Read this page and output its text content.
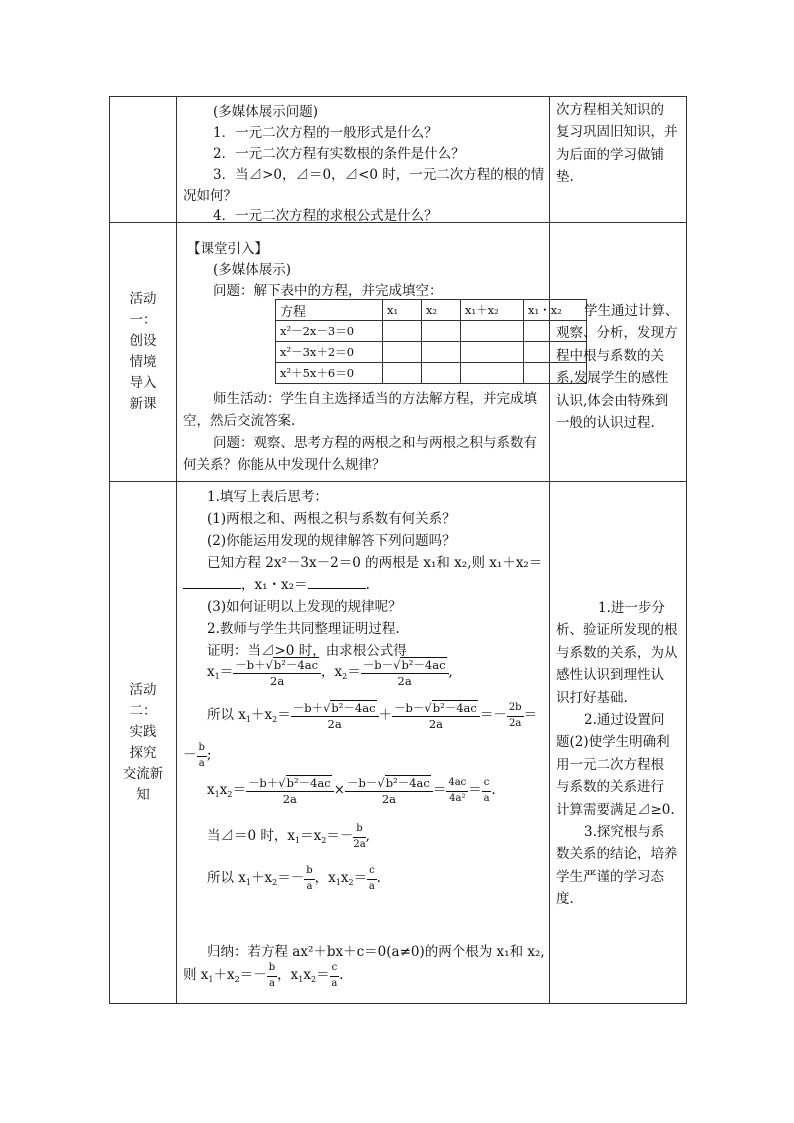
(多媒体展示问题)
1．一元二次方程的一般形式是什么？
2．一元二次方程有实数根的条件是什么？
3．当⊿>0，⊿＝0，⊿<0 时，一元二次方程的根的情
况如何？
4．一元二次方程的求根公式是什么？

次方程相关知识的
复习巩固旧知识，并
为后面的学习做铺
垫.

活动
一：
创设
情境
导入
新课

【课堂引入】
(多媒体展示)
问题：解下表中的方程，并完成填空：
方程	x₁	x₂	x₁＋x₂	x₁・x₂
x²－2x－3＝0				
x²－3x＋2＝0				
x²＋5x＋6＝0				
师生活动：学生自主选择适当的方法解方程，并完成填
空，然后交流答案.
问题：观察、思考方程的两根之和与两根之积与系数有
何关系？你能从中发现什么规律？

学生通过计算、
观察、分析，发现方
程中根与系数的关
系,发展学生的感性
认识,体会由特殊到
一般的认识过程.

活动
二：
实践
探究
交流新
知

1.填写上表后思考：
(1)两根之和、两根之积与系数有何关系？
(2)你能运用发现的规律解答下列问题吗？
已知方程 2x²－3x－2＝0 的两根是 x₁和 x₂,则 x₁＋x₂＝
，x₁・x₂＝	.
(3)如何证明以上发现的规律呢？
2.教师与学生共同整理证明过程.
证明：当⊿>0 时，由求根公式得
$x_1= \frac{\text{－b＋√b²－4ac}}{2a}$ ，$x_2= \frac{\text{－b－√b²－4ac}}{2a}$ ,
所以 $x_1+x_2= \frac{\text{－b＋√b²－4ac}}{2a} + \frac{\text{－b－√b²－4ac}}{2a} =- \frac{2b}{2a}$ ＝
－ $\frac{b}{a}$ ;
$x_1x_2= \frac{\text{－b＋√b²－4ac}}{2a} \times \frac{\text{－b－√b²－4ac}}{2a} = \frac{4ac}{\text{4a²}} = \frac{c}{a}$ .
当⊿＝0 时，$x_1=x_2=- \frac{b}{2a}$ ,
所以 $x_1+x_2=- \frac{b}{a}$ ，$x_1x_2= \frac{c}{a}$ .
归纳：若方程 ax²＋bx＋c＝0(a≠0)的两个根为 x₁和 x₂,
则 $x_1+x_2=- \frac{b}{a}$ ，$x_1x_2= \frac{c}{a}$ .

1.进一步分
析、验证所发现的根
与系数的关系，为从
感性认识到理性认
识打好基础.
2.通过设置问
题(2)使学生明确利
用一元二次方程根
与系数的关系进行
计算需要满足⊿≥0.
3.探究根与系
数关系的结论，培养
学生严谨的学习态
度.
